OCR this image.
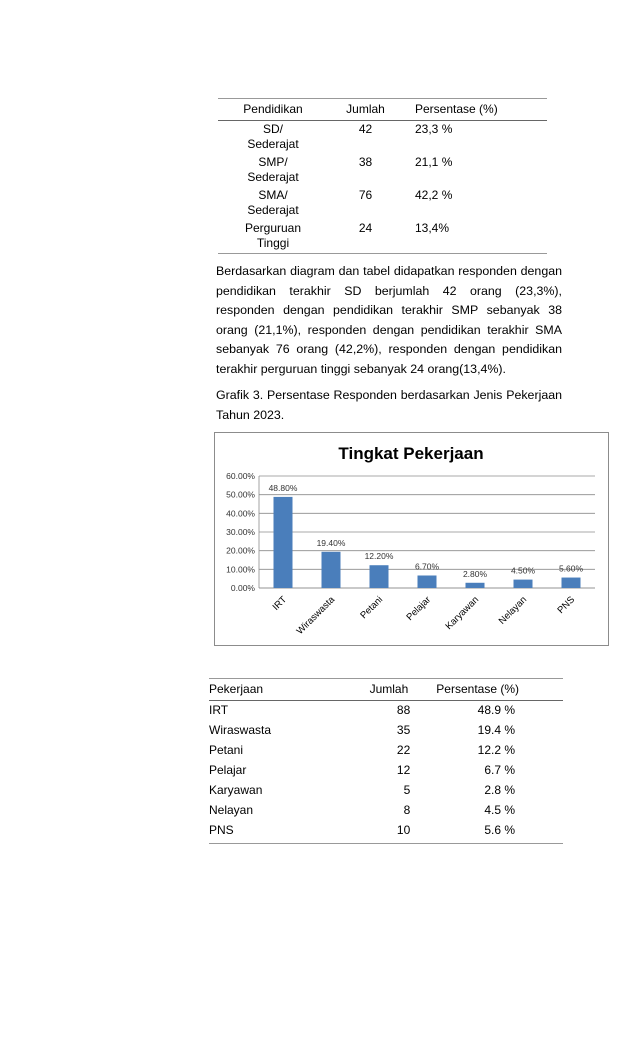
Pendidikan	Jumlah	Persentase (%)
SD/
Sederajat	42	23,3 %
SMP/
Sederajat	38	21,1 %
SMA/
Sederajat	76	42,2 %
Perguruan
Tinggi	24	13,4%
Berdasarkan diagram dan tabel didapatkan responden dengan pendidikan terakhir SD berjumlah 42 orang (23,3%), responden dengan pendidikan terakhir SMP sebanyak 38 orang (21,1%), responden dengan pendidikan terakhir SMA sebanyak 76 orang (42,2%), responden dengan pendidikan terakhir perguruan tinggi sebanyak 24 orang(13,4%).
Grafik 3. Persentase Responden berdasarkan Jenis Pekerjaan Tahun 2023.
Tingkat Pekerjaan
0.00%
10.00%
20.00%
30.00%
40.00%
50.00%
60.00%
48.80%
IRT
19.40%
Wiraswasta
12.20%
Petani
6.70%
Pelajar
2.80%
Karyawan
4.50%
Nelayan
5.60%
PNS
Pekerjaan	Jumlah	Persentase (%)
IRT	88	48.9 %
Wiraswasta	35	19.4 %
Petani	22	12.2 %
Pelajar	12	6.7 %
Karyawan	5	2.8 %
Nelayan	8	4.5 %
PNS	10	5.6 %
